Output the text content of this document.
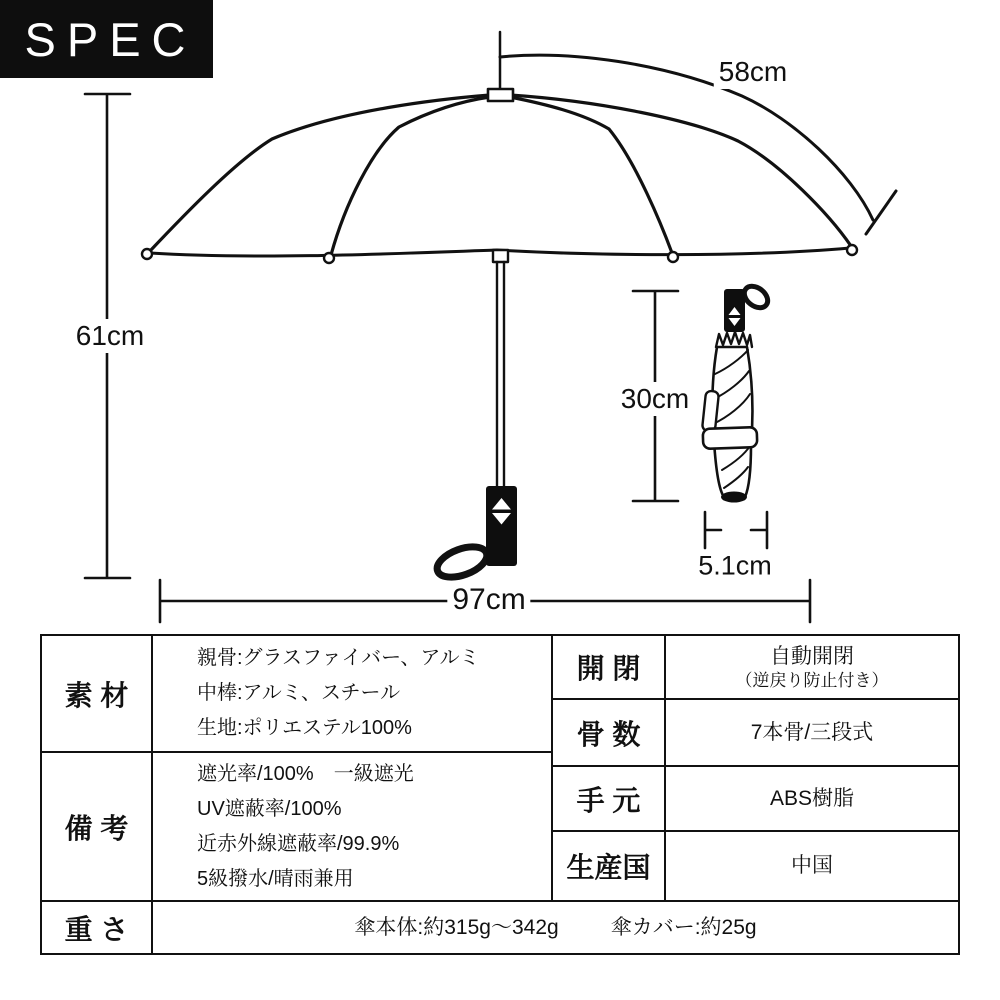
SPEC
58cm
61cm
97cm
30cm
5.1cm
素 材
親骨:グラスファイバー、アルミ
中棒:アルミ、スチール
生地:ポリエステル100%
備 考
遮光率/100%　一級遮光
UV遮蔽率/100%
近赤外線遮蔽率/99.9%
5級撥水/晴雨兼用
開 閉	自動開閉
（逆戻り防止付き）
骨 数	7本骨/三段式
手 元	ABS樹脂
生産国	中国
重 さ	傘本体:約315g〜342g 傘カバー:約25g
